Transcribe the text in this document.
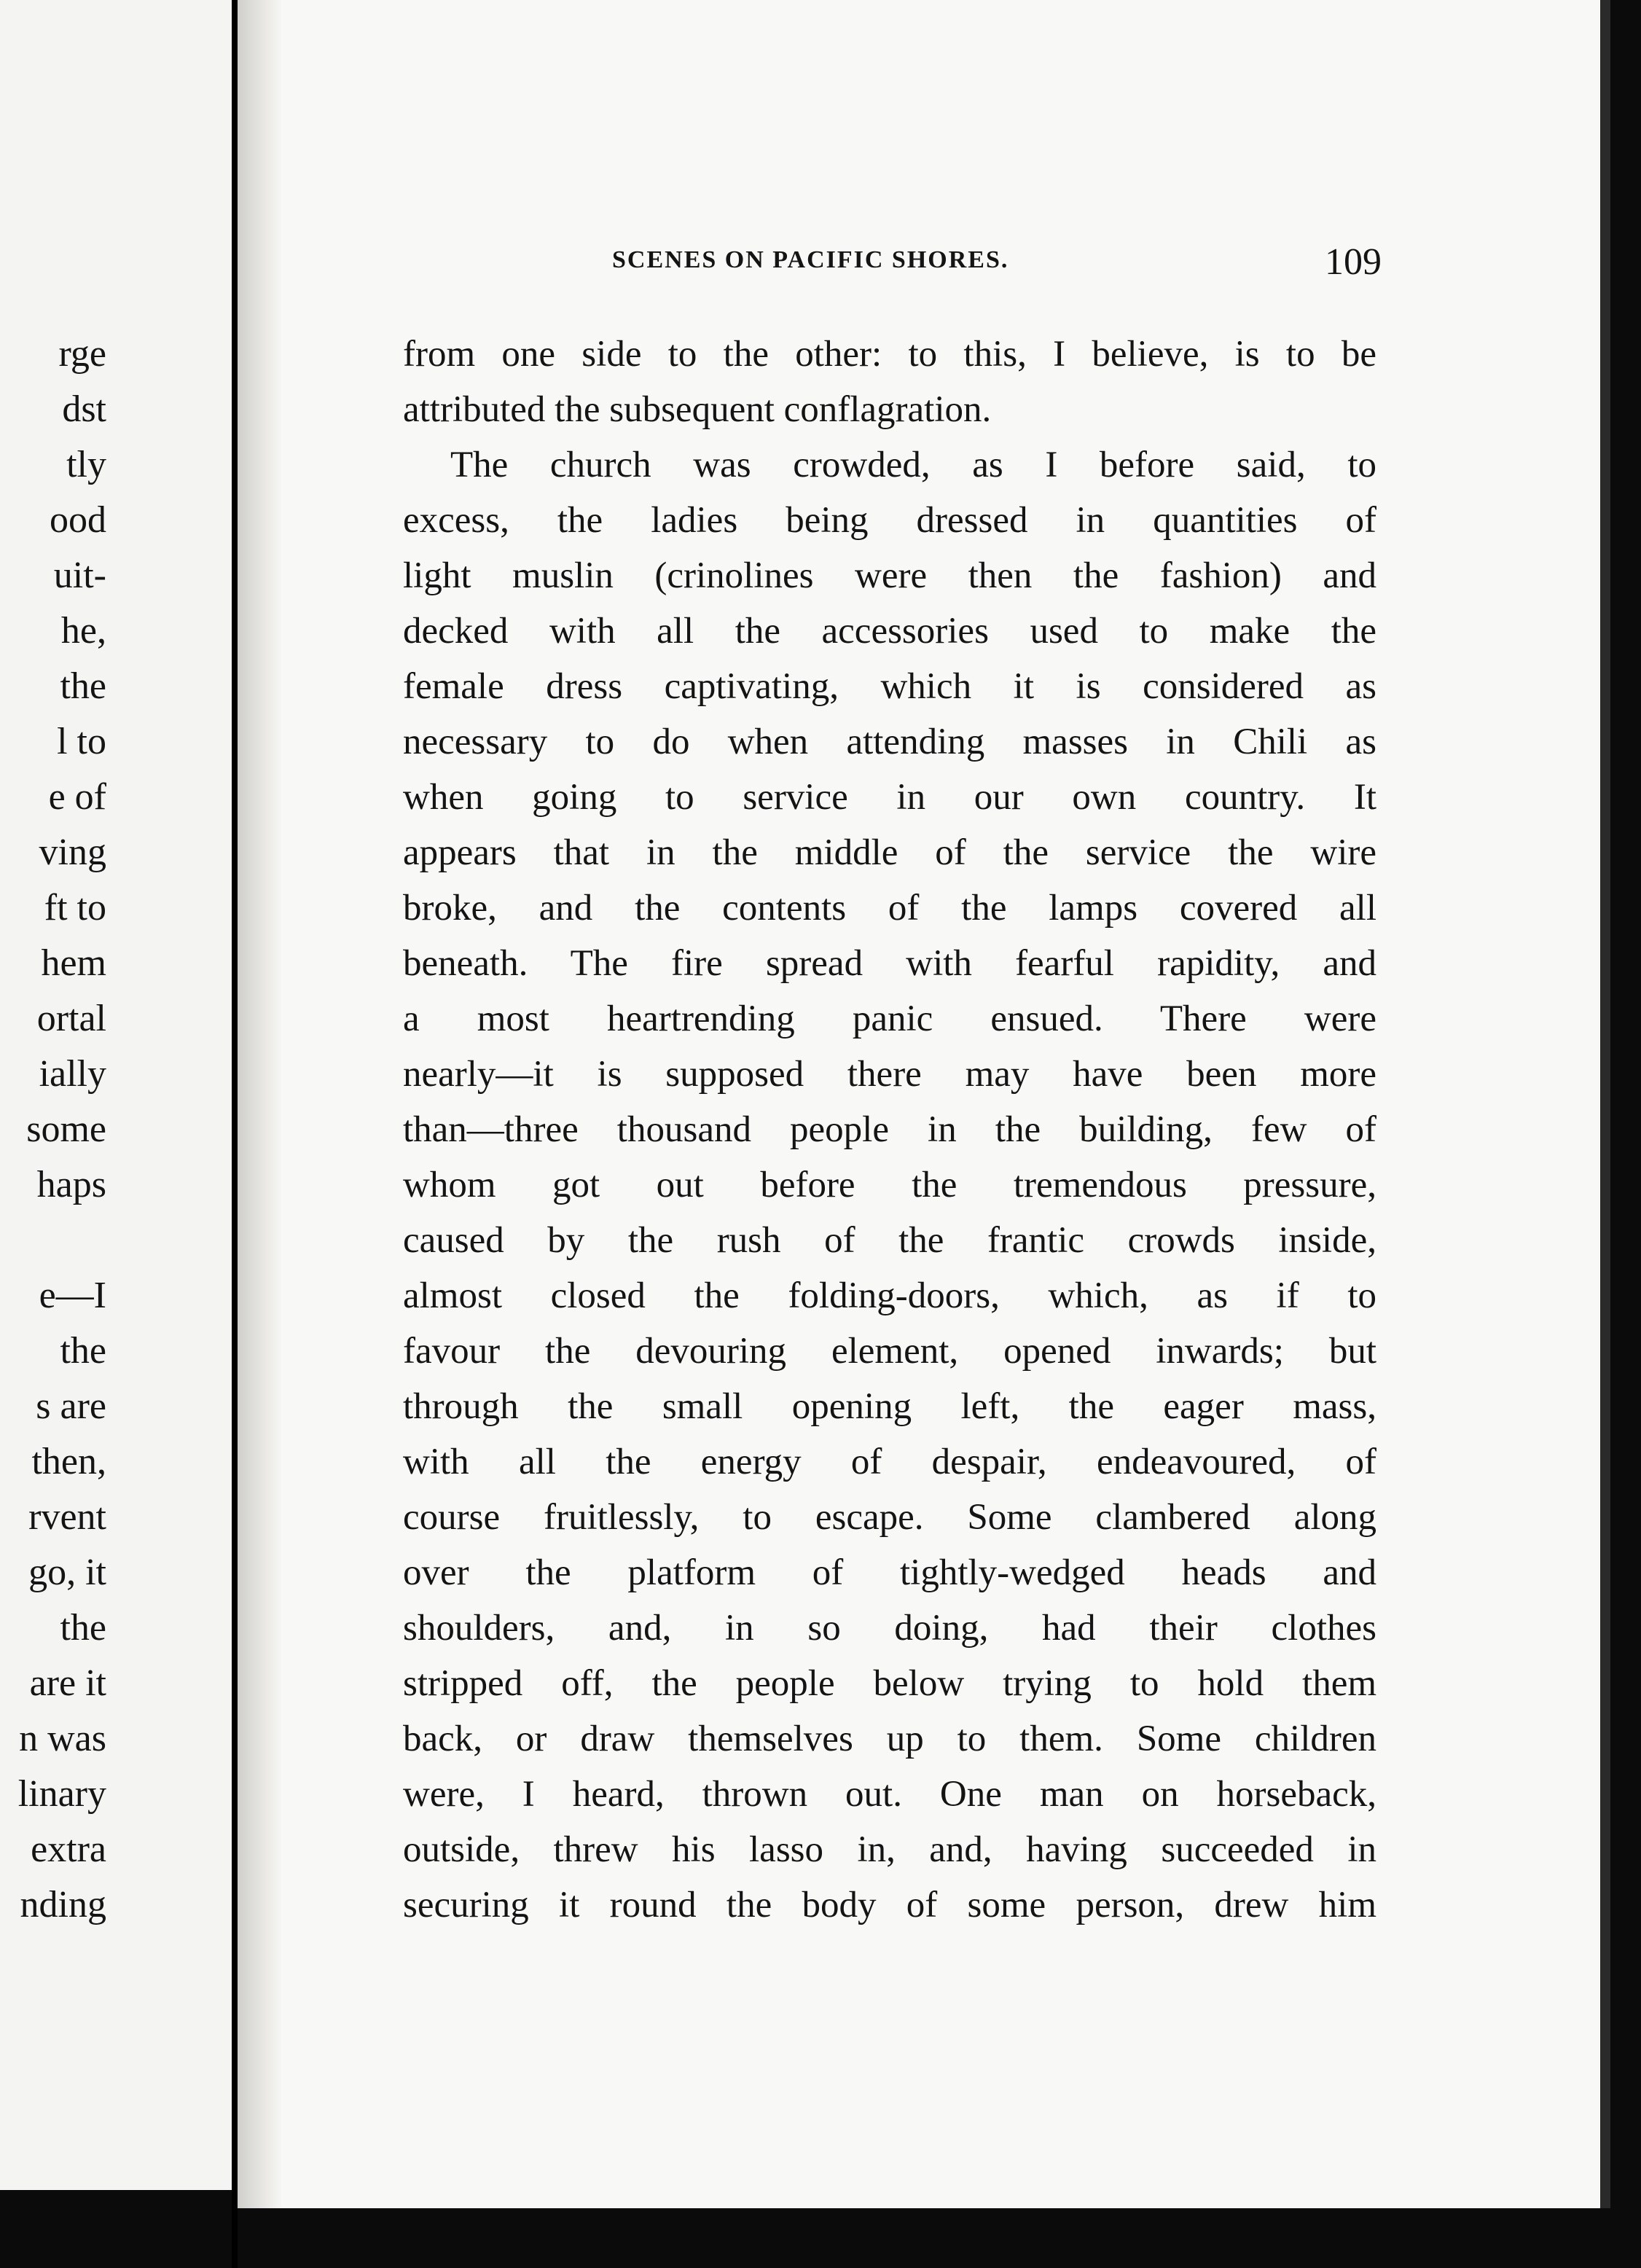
rge
dst
tly
ood
uit-
he,
the
l to
e of
ving
ft to
hem
ortal
ially
some
haps
e—I
the
s are
then,
rvent
go, it
the
are it
n was
linary
extra
nding
SCENES ON PACIFIC SHORES.	109
from one side to the other: to this, I believe, is to be
attributed the subsequent conflagration.
The church was crowded, as I before said, to
excess, the ladies being dressed in quantities of
light muslin (crinolines were then the fashion) and
decked with all the accessories used to make the
female dress captivating, which it is considered as
necessary to do when attending masses in Chili as
when going to service in our own country. It
appears that in the middle of the service the wire
broke, and the contents of the lamps covered all
beneath. The fire spread with fearful rapidity, and
a most heartrending panic ensued. There were
nearly—it is supposed there may have been more
than—three thousand people in the building, few of
whom got out before the tremendous pressure,
caused by the rush of the frantic crowds inside,
almost closed the folding-doors, which, as if to
favour the devouring element, opened inwards; but
through the small opening left, the eager mass,
with all the energy of despair, endeavoured, of
course fruitlessly, to escape. Some clambered along
over the platform of tightly-wedged heads and
shoulders, and, in so doing, had their clothes
stripped off, the people below trying to hold them
back, or draw themselves up to them. Some children
were, I heard, thrown out. One man on horseback,
outside, threw his lasso in, and, having succeeded in
securing it round the body of some person, drew him
